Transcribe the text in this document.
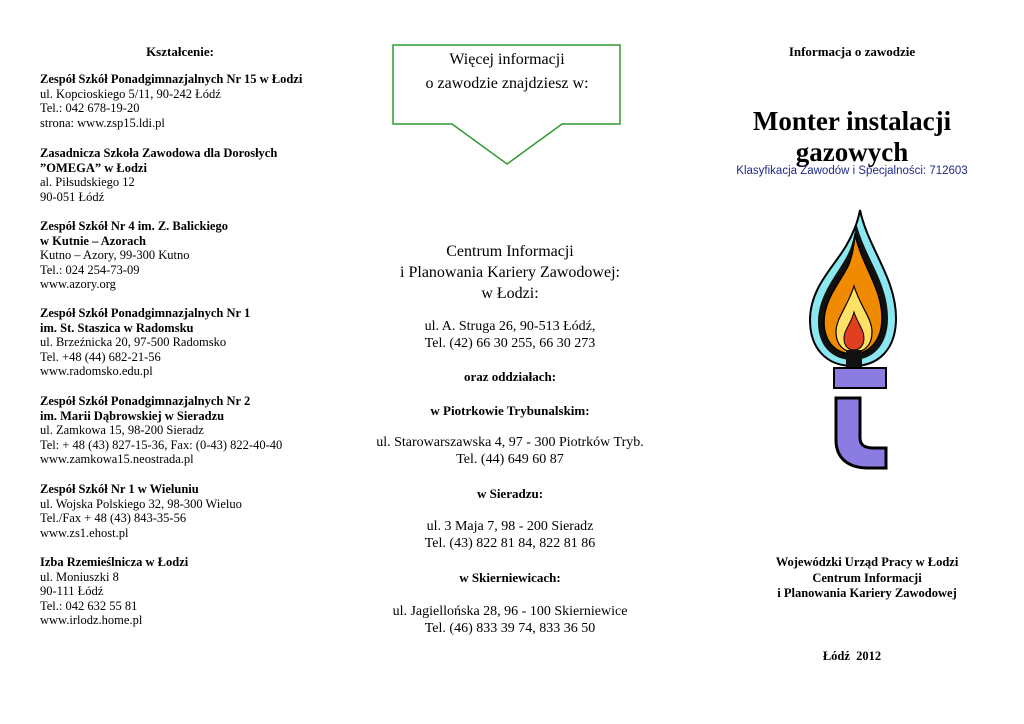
Kształcenie:
Zespół Szkół Ponadgimnazjalnych Nr 15 w Łodzi
ul. Kopcioskiego 5/11, 90-242 Łódź
Tel.: 042 678-19-20
strona: www.zsp15.ldi.pl
Zasadnicza Szkoła Zawodowa dla Dorosłych
”OMEGA” w Łodzi
al. Piłsudskiego 12
90-051 Łódź
Zespół Szkół Nr 4 im. Z. Balickiego
w Kutnie – Azorach
Kutno – Azory, 99-300 Kutno
Tel.: 024 254-73-09
www.azory.org
Zespół Szkół Ponadgimnazjalnych Nr 1
im. St. Staszica w Radomsku
ul. Brzeźnicka 20, 97-500 Radomsko
Tel. +48 (44) 682-21-56
www.radomsko.edu.pl
Zespół Szkół Ponadgimnazjalnych Nr 2
im. Marii Dąbrowskiej w Sieradzu
ul. Zamkowa 15, 98-200 Sieradz
Tel: + 48 (43) 827-15-36, Fax: (0-43) 822-40-40
www.zamkowa15.neostrada.pl
Zespół Szkół Nr 1 w Wieluniu
ul. Wojska Polskiego 32, 98-300 Wieluo
Tel./Fax + 48 (43) 843-35-56
www.zs1.ehost.pl
Izba Rzemieślnicza w Łodzi
ul. Moniuszki 8
90-111 Łódź
Tel.: 042 632 55 81
www.irlodz.home.pl
Więcej informacji
o zawodzie znajdziesz w:
Centrum Informacji
i Planowania Kariery Zawodowej:
w Łodzi:
ul. A. Struga 26, 90-513 Łódź,
Tel. (42) 66 30 255, 66 30 273
oraz oddziałach:
w Piotrkowie Trybunalskim:
ul. Starowarszawska 4, 97 - 300 Piotrków Tryb.
Tel. (44) 649 60 87
w Sieradzu:
ul. 3 Maja 7, 98 - 200 Sieradz
Tel. (43) 822 81 84, 822 81 86
w Skierniewicach:
ul. Jagiellońska 28, 96 - 100 Skierniewice
Tel. (46) 833 39 74, 833 36 50
Informacja o zawodzie
Monter instalacji
gazowych
Klasyfikacja Zawodów i Specjalności: 712603
Wojewódzki Urząd Pracy w Łodzi
Centrum Informacji
i Planowania Kariery Zawodowej
Łódź  2012
